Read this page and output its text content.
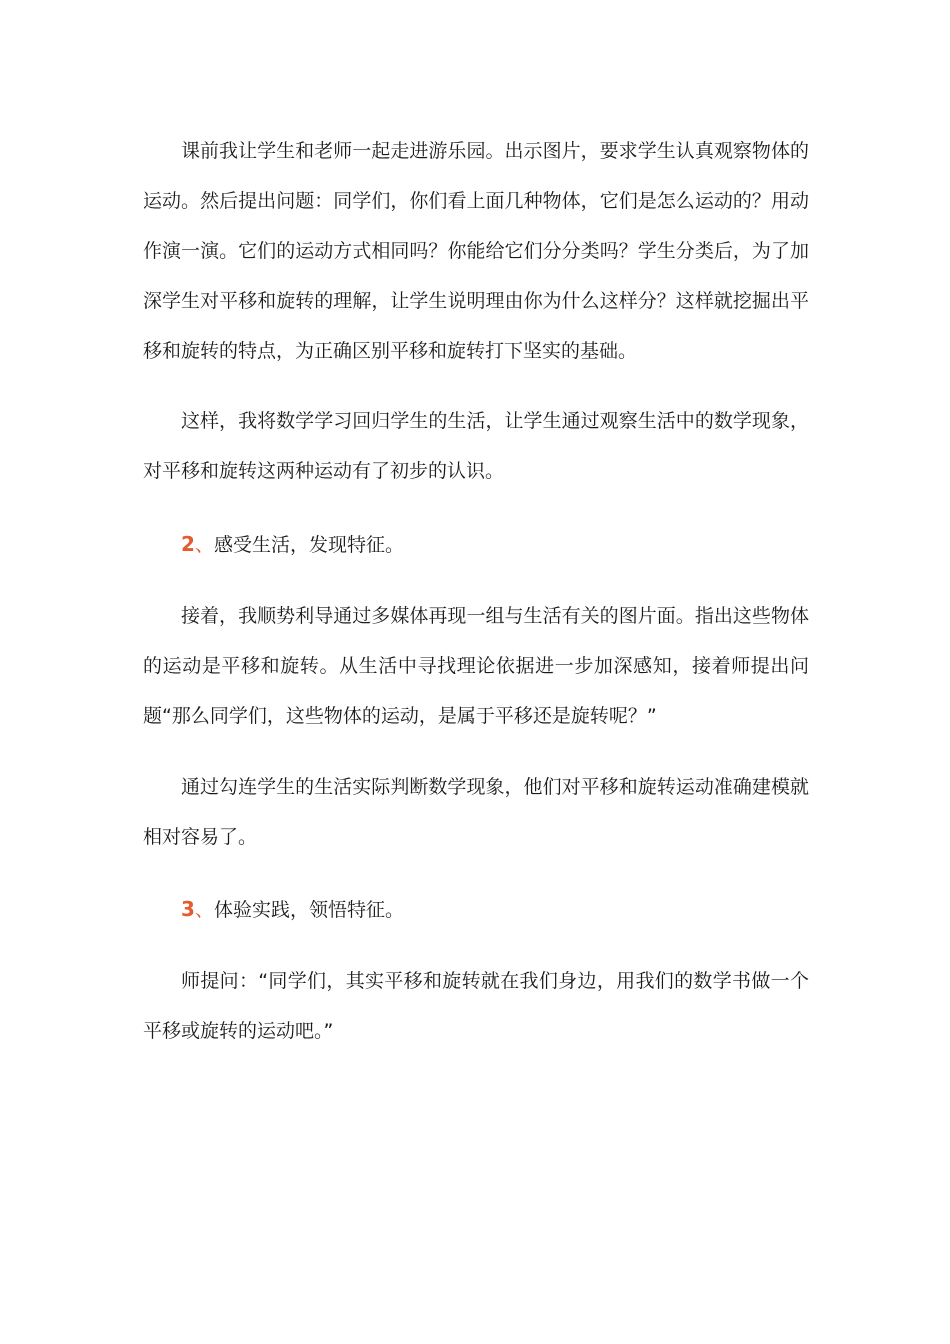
课前我让学生和老师一起走进游乐园。出示图片，要求学生认真观察物体的运动。然后提出问题：同学们，你们看上面几种物体，它们是怎么运动的？用动作演一演。它们的运动方式相同吗？你能给它们分分类吗？学生分类后，为了加深学生对平移和旋转的理解，让学生说明理由你为什么这样分？这样就挖掘出平移和旋转的特点，为正确区别平移和旋转打下坚实的基础。

这样，我将数学学习回归学生的生活，让学生通过观察生活中的数学现象，对平移和旋转这两种运动有了初步的认识。

2、感受生活，发现特征。

接着，我顺势利导通过多媒体再现一组与生活有关的图片面。指出这些物体的运动是平移和旋转。从生活中寻找理论依据进一步加深感知，接着师提出问题“那么同学们，这些物体的运动，是属于平移还是旋转呢？”

通过勾连学生的生活实际判断数学现象，他们对平移和旋转运动准确建模就相对容易了。

3、体验实践，领悟特征。

师提问：“同学们，其实平移和旋转就在我们身边，用我们的数学书做一个平移或旋转的运动吧。”
